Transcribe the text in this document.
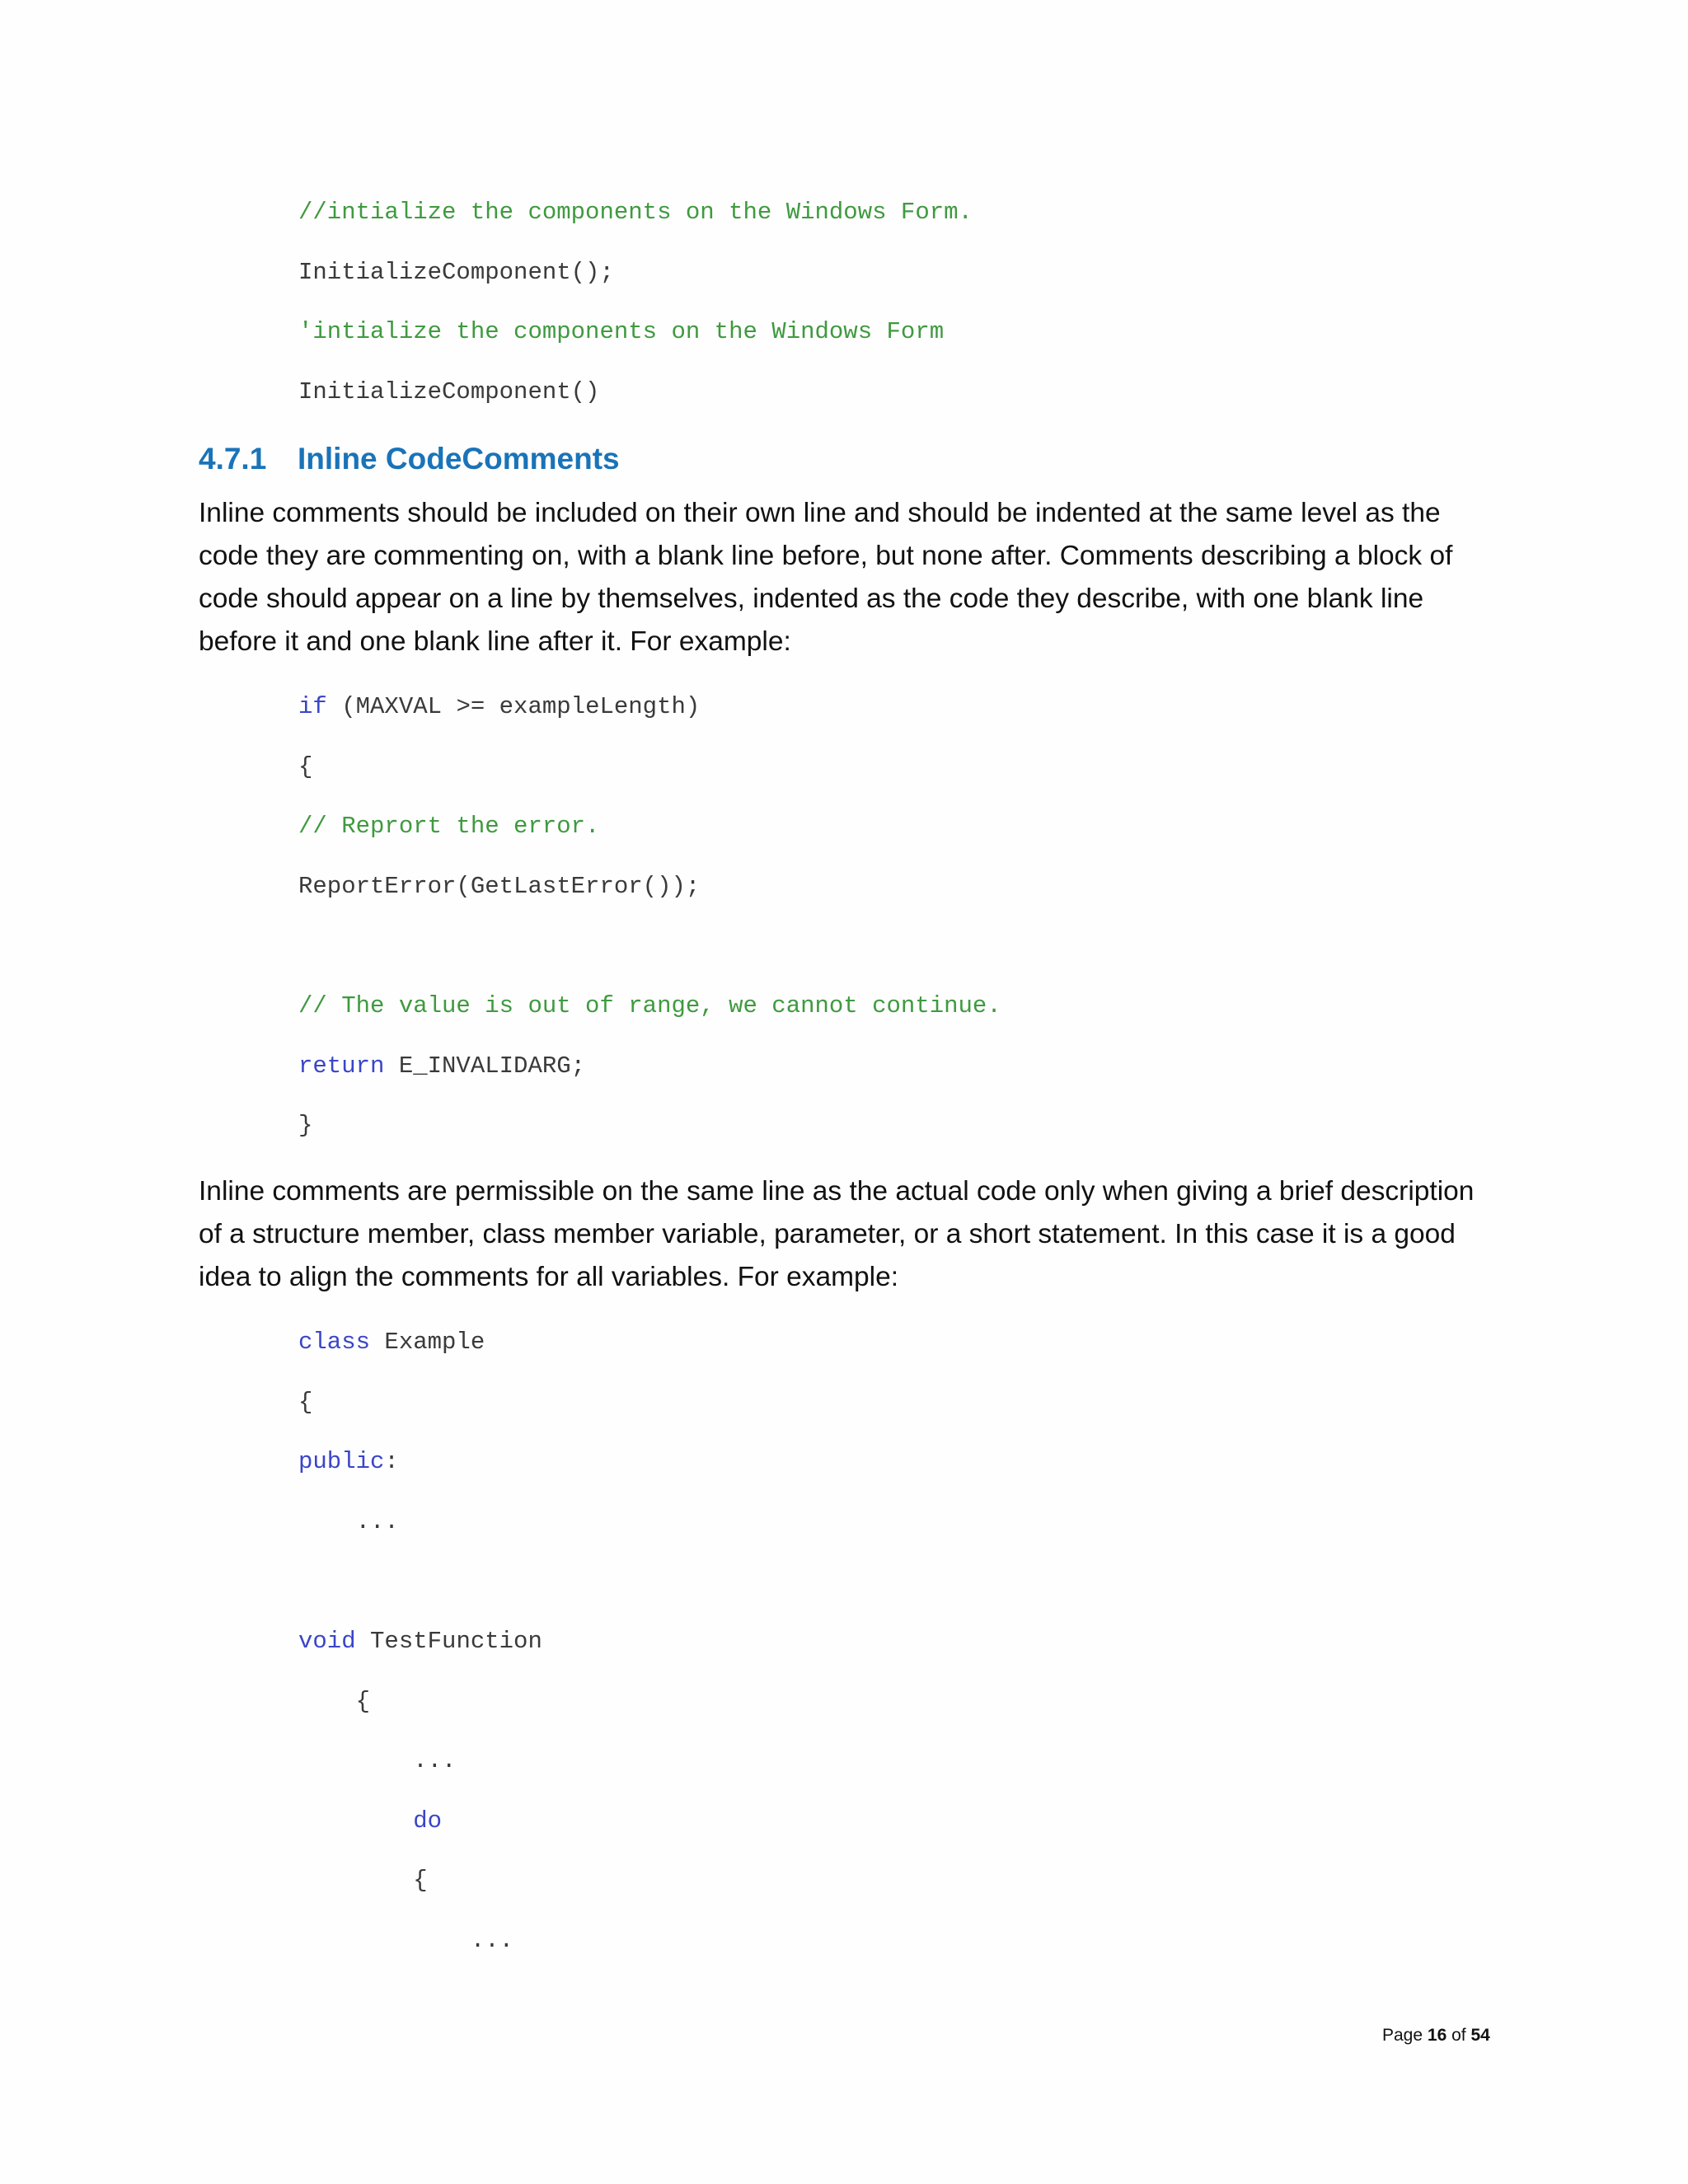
//intialize the components on the Windows Form.
InitializeComponent();
'intialize the components on the Windows Form
InitializeComponent()
4.7.1 Inline CodeComments
Inline comments should be included on their own line and should be indented at the same level as the code they are commenting on, with a blank line before, but none after. Comments describing a block of code should appear on a line by themselves, indented as the code they describe, with one blank line before it and one blank line after it. For example:
if (MAXVAL >= exampleLength)
{
// Reprort the error.
ReportError(GetLastError());
// The value is out of range, we cannot continue.
return E_INVALIDARG;
}
Inline comments are permissible on the same line as the actual code only when giving a brief description of a structure member, class member variable, parameter, or a short statement. In this case it is a good idea to align the comments for all variables. For example:
class Example
{
public:
...
void TestFunction
{
...
do
{
...
Page 16 of 54
